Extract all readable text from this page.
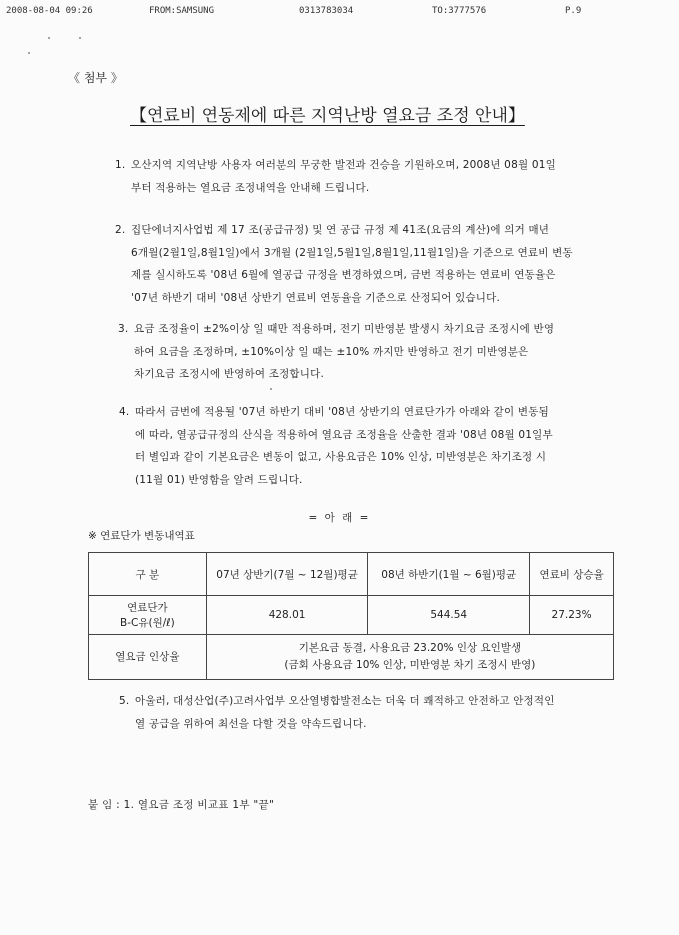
2008-08-04 09:26	FROM:SAMSUNG	0313783034	TO:3777576	P.9
《 첨부 》
【연료비 연동제에 따른 지역난방 열요금 조정 안내】
1. 오산지역 지역난방 사용자 여러분의 무궁한 발전과 건승을 기원하오며, 2008년 08월 01일
부터 적용하는 열요금 조정내역을 안내해 드립니다.
2. 집단에너지사업법 제 17 조(공급규정) 및 연 공급 규정 제 41조(요금의 계산)에 의거 매년
6개월(2월1일,8월1일)에서 3개월 (2월1일,5월1일,8월1일,11월1일)을 기준으로 연료비 변동
제를 실시하도록 '08년 6월에 열공급 규정을 변경하였으며, 금번 적용하는 연료비 연동율은
'07년 하반기 대비 '08년 상반기 연료비 연동율을 기준으로 산정되어 있습니다.
3. 요금 조정율이 ±2%이상 일 때만 적용하며, 전기 미반영분 발생시 차기요금 조정시에 반영
하여 요금을 조정하며, ±10%이상 일 때는 ±10% 까지만 반영하고 전기 미반영분은
차기요금 조정시에 반영하여 조정합니다.
4. 따라서 금번에 적용될 '07년 하반기 대비 '08년 상반기의 연료단가가 아래와 같이 변동됨
에 따라, 열공급규정의 산식을 적용하여 열요금 조정율을 산출한 결과 '08년 08월 01일부
터 별임과 같이 기본요금은 변동이 없고, 사용요금은 10% 인상, 미반영분은 차기조정 시
(11월 01) 반영함을 알려 드립니다.
= 아 래 =
※ 연료단가 변동내역표
구 분	07년 상반기(7월 ~ 12월)평균	08년 하반기(1월 ~ 6월)평균	연료비 상승율

연료단가
B-C유(원/ℓ)	428.01	544.54	27.23%
열요금 인상율	기본요금 동결, 사용요금 23.20% 인상 요인발생
(금회 사용요금 10% 인상, 미반영분 차기 조정시 반영)		
5. 아울러, 대성산업(주)고려사업부 오산열병합발전소는 더욱 더 쾌적하고 안전하고 안정적인
열 공급을 위하여 최선을 다할 것을 약속드립니다.
붙 임 : 1. 열요금 조정 비교표 1부 "끝"
